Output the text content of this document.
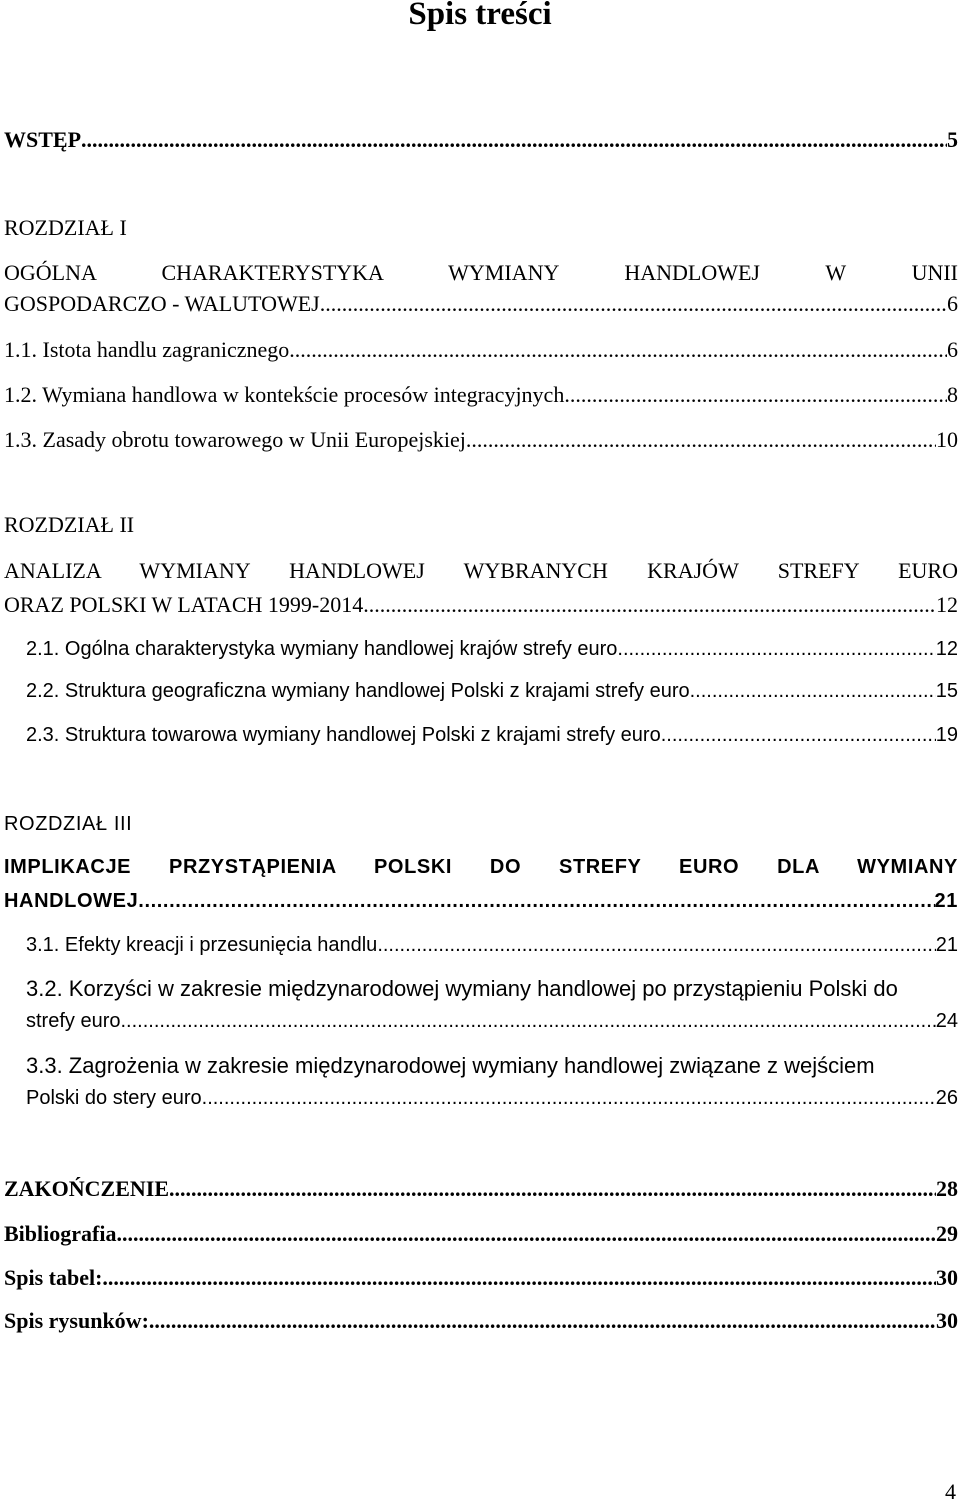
Spis treści
WSTĘP .....	5
ROZDZIAŁ I
OGÓLNA CHARAKTERYSTYKA WYMIANY HANDLOWEJ W UNII
GOSPODARCZO - WALUTOWEJ .....	6
1.1. Istota handlu zagranicznego .....	6
1.2. Wymiana handlowa w kontekście procesów integracyjnych .....	8
1.3. Zasady obrotu towarowego w Unii Europejskiej .....	10
ROZDZIAŁ II
ANALIZA WYMIANY HANDLOWEJ WYBRANYCH KRAJÓW STREFY EURO
ORAZ POLSKI W LATACH 1999-2014 .....	12
2.1. Ogólna charakterystyka wymiany handlowej krajów strefy euro .....	12
2.2. Struktura geograficzna wymiany handlowej Polski z krajami strefy euro .....	15
2.3. Struktura towarowa wymiany handlowej Polski z krajami strefy euro .....	19
ROZDZIAŁ III
IMPLIKACJE PRZYSTĄPIENIA POLSKI DO STREFY EURO DLA WYMIANY
HANDLOWEJ .....	21
3.1. Efekty kreacji i przesunięcia handlu .....	21
3.2. Korzyści w zakresie międzynarodowej wymiany handlowej po przystąpieniu Polski do
strefy euro .....	24
3.3. Zagrożenia w zakresie międzynarodowej wymiany handlowej związane z wejściem
Polski do stery euro .....	26
ZAKOŃCZENIE .....	28
Bibliografia .....	29
Spis tabel: .....	30
Spis rysunków: .....	30
4
